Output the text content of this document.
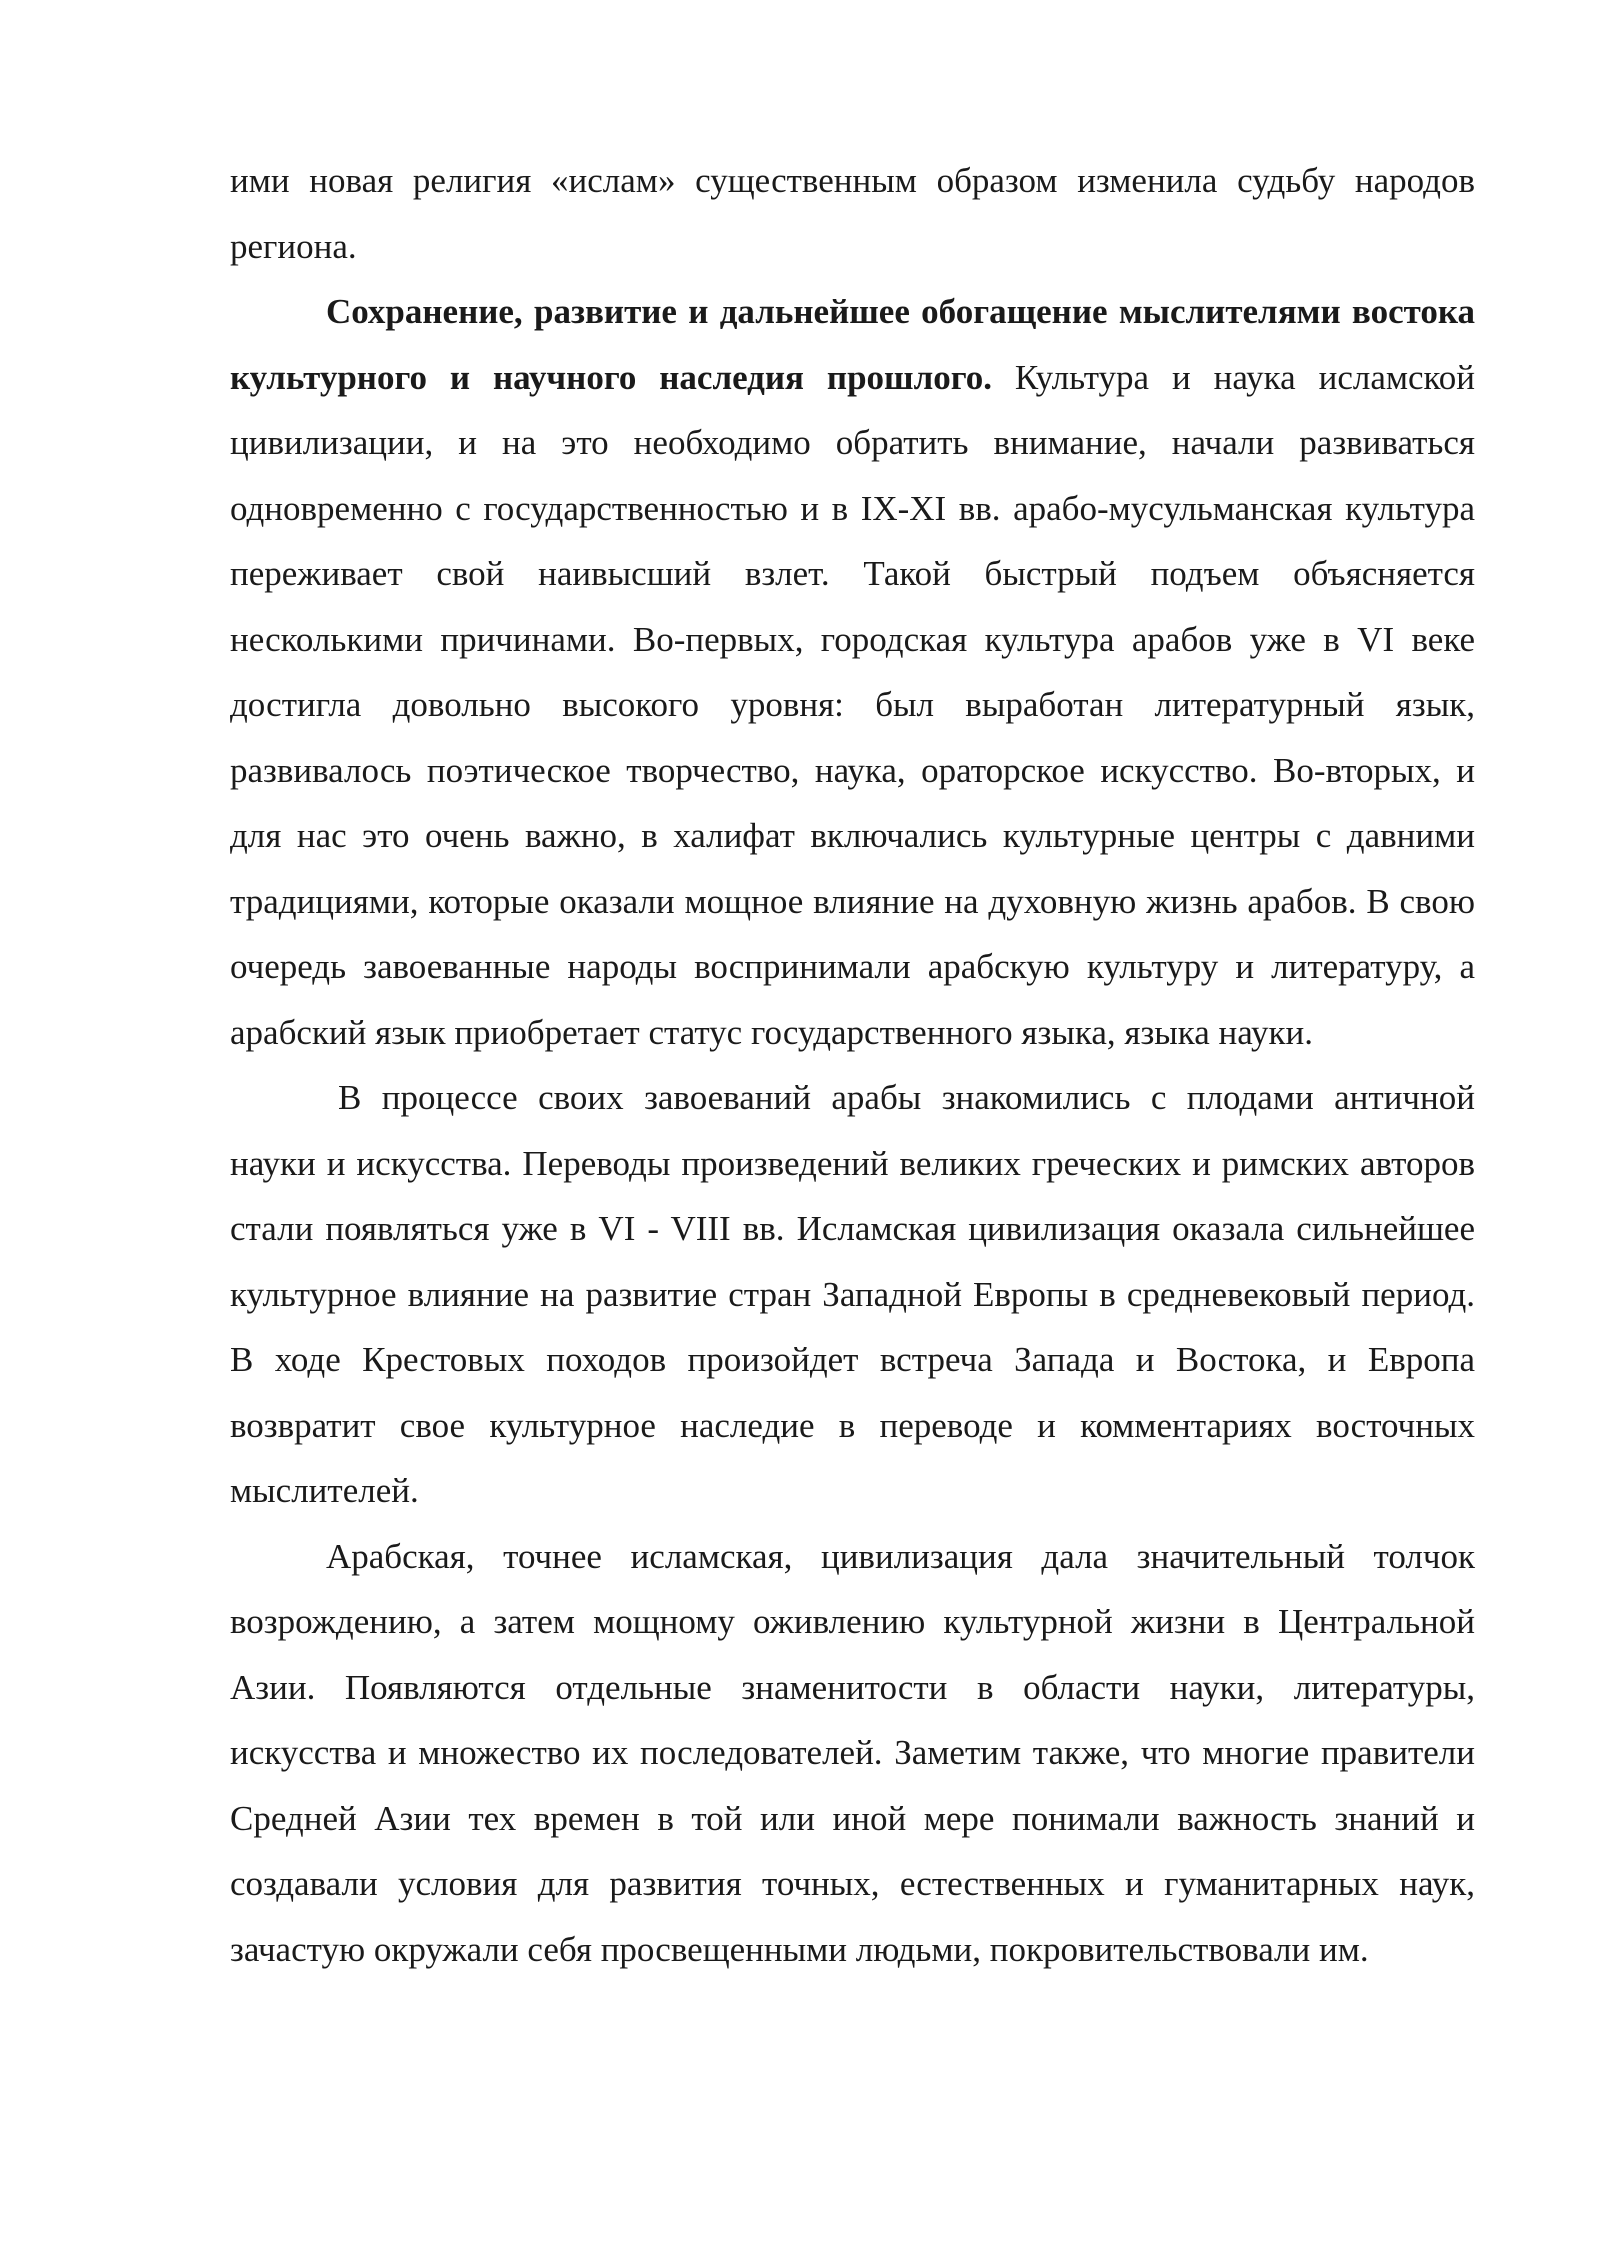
ими новая религия «ислам» существенным образом изменила судьбу народов региона.

Сохранение, развитие и дальнейшее обогащение мыслителями востока культурного и научного наследия прошлого. Культура и наука исламской цивилизации, и на это необходимо обратить внимание, начали развиваться одновременно с государственностью и в IX-XI вв. арабо-мусульманская культура переживает свой наивысший взлет. Такой быстрый подъем объясняется несколькими причинами. Во-первых, городская культура арабов уже в VI веке достигла довольно высокого уровня: был выработан литературный язык, развивалось поэтическое творчество, наука, ораторское искусство. Во-вторых, и для нас это очень важно, в халифат включались культурные центры с давними традициями, которые оказали мощное влияние на духовную жизнь арабов. В свою очередь завоеванные народы воспринимали арабскую культуру и литературу, а арабский язык приобретает статус государственного языка, языка науки.

В процессе своих завоеваний арабы знакомились с плодами античной науки и искусства. Переводы произведений великих греческих и римских авторов стали появляться уже в VI - VIII вв. Исламская цивилизация оказала сильнейшее культурное влияние на развитие стран Западной Европы в средневековый период. В ходе Крестовых походов произойдет встреча Запада и Востока, и Европа возвратит свое культурное наследие в переводе и комментариях восточных мыслителей.

Арабская, точнее исламская, цивилизация дала значительный толчок возрождению, а затем мощному оживлению культурной жизни в Центральной Азии. Появляются отдельные знаменитости в области науки, литературы, искусства и множество их последователей. Заметим также, что многие правители Средней Азии тех времен в той или иной мере понимали важность знаний и создавали условия для развития точных, естественных и гуманитарных наук, зачастую окружали себя просвещенными людьми, покровительствовали им.
